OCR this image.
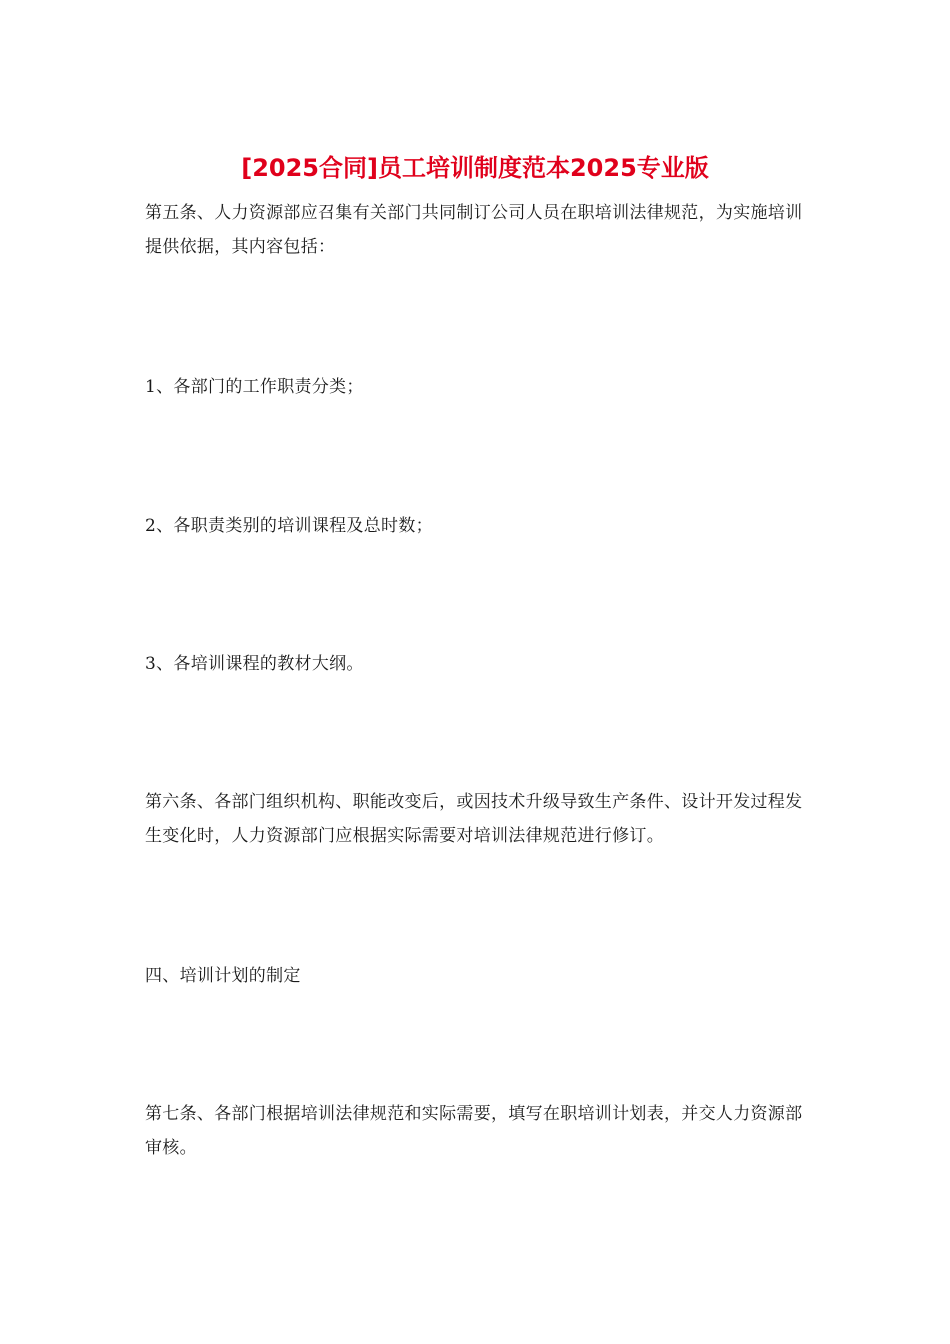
[2025合同]员工培训制度范本2025专业版

第五条、人力资源部应召集有关部门共同制订公司人员在职培训法律规范，为实施培训提供依据，其内容包括：

1、各部门的工作职责分类；

2、各职责类别的培训课程及总时数；

3、各培训课程的教材大纲。

第六条、各部门组织机构、职能改变后，或因技术升级导致生产条件、设计开发过程发生变化时，人力资源部门应根据实际需要对培训法律规范进行修订。

四、培训计划的制定

第七条、各部门根据培训法律规范和实际需要，填写在职培训计划表，并交人力资源部审核。
